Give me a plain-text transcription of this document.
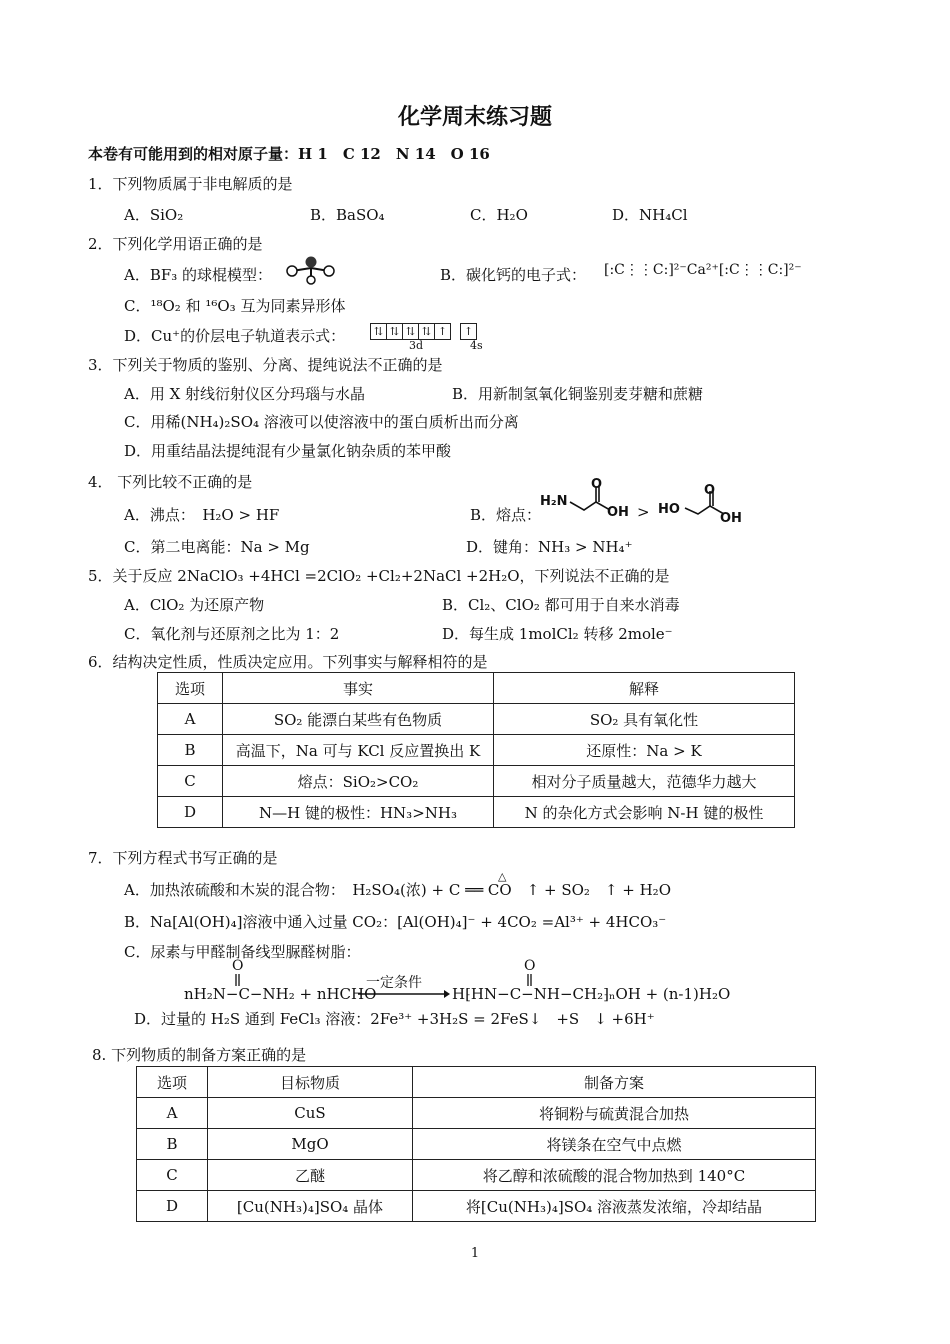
化学周末练习题
本卷有可能用到的相对原子量：H 1　C 12　N 14　O 16
1．下列物质属于非电解质的是
A．SiO₂	B．BaSO₄	C．H₂O	D．NH₄Cl
2．下列化学用语正确的是
A．BF₃ 的球棍模型：	B．碳化钙的电子式： [:C⋮⋮C:]²⁻Ca²⁺[:C⋮⋮C:]²⁻
C．¹⁸O₂ 和 ¹⁶O₃ 互为同素异形体
D．Cu⁺的价层电子轨道表示式：	⇅ ⇅ ⇅ ⇅ ↑ ↑
3d	4s
3．下列关于物质的鉴别、分离、提纯说法不正确的是
A．用 X 射线衍射仪区分玛瑙与水晶	B．用新制氢氧化铜鉴别麦芽糖和蔗糖
C．用稀(NH₄)₂SO₄ 溶液可以使溶液中的蛋白质析出而分离
D．用重结晶法提纯混有少量氯化钠杂质的苯甲酸
4． 下列比较不正确的是
A．沸点：　H₂O > HF	B．熔点：
H₂N
O
OH > HO
O
OH
C．第二电离能：Na > Mg	D．键角：NH₃ > NH₄⁺
5．关于反应 2NaClO₃ +4HCl =2ClO₂ +Cl₂+2NaCl +2H₂O，下列说法不正确的是
A．ClO₂ 为还原产物	B．Cl₂、ClO₂ 都可用于自来水消毒
C．氧化剂与还原剂之比为 1：2	D．每生成 1molCl₂ 转移 2mole⁻
6．结构决定性质，性质决定应用。下列事实与解释相符的是
选项	事实	解释
A	SO₂ 能漂白某些有色物质	SO₂ 具有氧化性
B	高温下，Na 可与 KCl 反应置换出 K	还原性：Na > K
C	熔点：SiO₂>CO₂	相对分子质量越大，范德华力越大
D	N—H 键的极性：HN₃>NH₃	N 的杂化方式会影响 N-H 键的极性
7．下列方程式书写正确的是
A．加热浓硫酸和木炭的混合物：　H₂SO₄(浓) + C ══ CO　↑ + SO₂　↑ + H₂O
△
B．Na[Al(OH)₄]溶液中通入过量 CO₂：[Al(OH)₄]⁻ + 4CO₂ =Al³⁺ + 4HCO₃⁻
C．尿素与甲醛制备线型脲醛树脂：
O	O
nH₂N−C−NH₂ + nHCHO
一定条件
H⁅HN−C−NH−CH₂⁆ₙOH + (n-1)H₂O
D．过量的 H₂S 通到 FeCl₃ 溶液：2Fe³⁺ +3H₂S = 2FeS↓　+S　↓ +6H⁺
8. 下列物质的制备方案正确的是
选项	目标物质	制备方案
A	CuS	将铜粉与硫黄混合加热
B	MgO	将镁条在空气中点燃
C	乙醚	将乙醇和浓硫酸的混合物加热到 140°C
D	[Cu(NH₃)₄]SO₄ 晶体	将[Cu(NH₃)₄]SO₄ 溶液蒸发浓缩，冷却结晶
1
